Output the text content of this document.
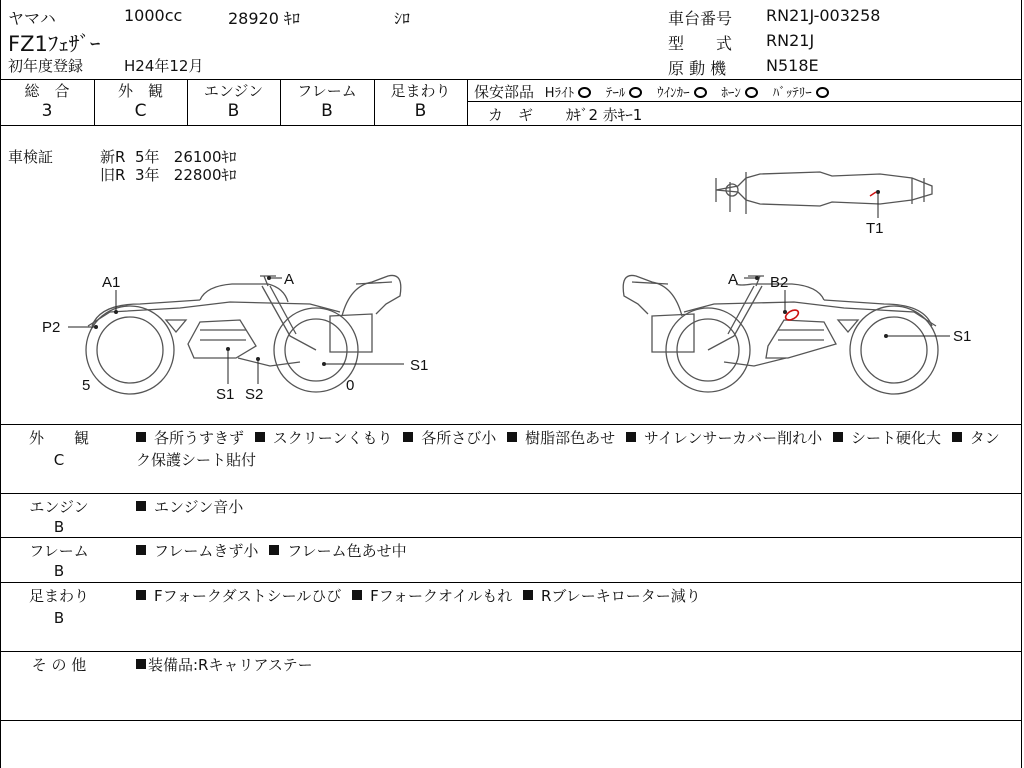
ヤマハ	1000cc	28920 ｷﾛ	ｼﾛ
FZ1ﾌｪｻﾞｰ
初年度登録	H24年12月
車台番号 RN21J-003258
型　　式 RN21J
原 動 機 N518E
総　合
3
外　観
C
エンジン
B
フレーム
B
足まわり
B
保安部品 Hﾗｲﾄ ﾃｰﾙ ｳｲﾝｶｰ ﾎｰﾝ ﾊﾞｯﾃﾘｰ
カ　ギ ｶｷﾞ2 赤ｷｰ1
車検証	新R  5年   26100ｷﾛ
旧R  3年   22800ｷﾛ
A1	A
P2
S1
5	0
S1 S2
T1
A B2
S1
外　　観
C
各所うすきず スクリーンくもり 各所さび小 樹脂部色あせ サイレンサーカバー削れ小 シート硬化大 タンク保護シート貼付
エンジン
B
エンジン音小
フレーム
B
フレームきず小 フレーム色あせ中
足まわり
B
Fフォークダストシールひび Fフォークオイルもれ Rブレーキローター減り
そ の 他	装備品:Rキャリアステー
